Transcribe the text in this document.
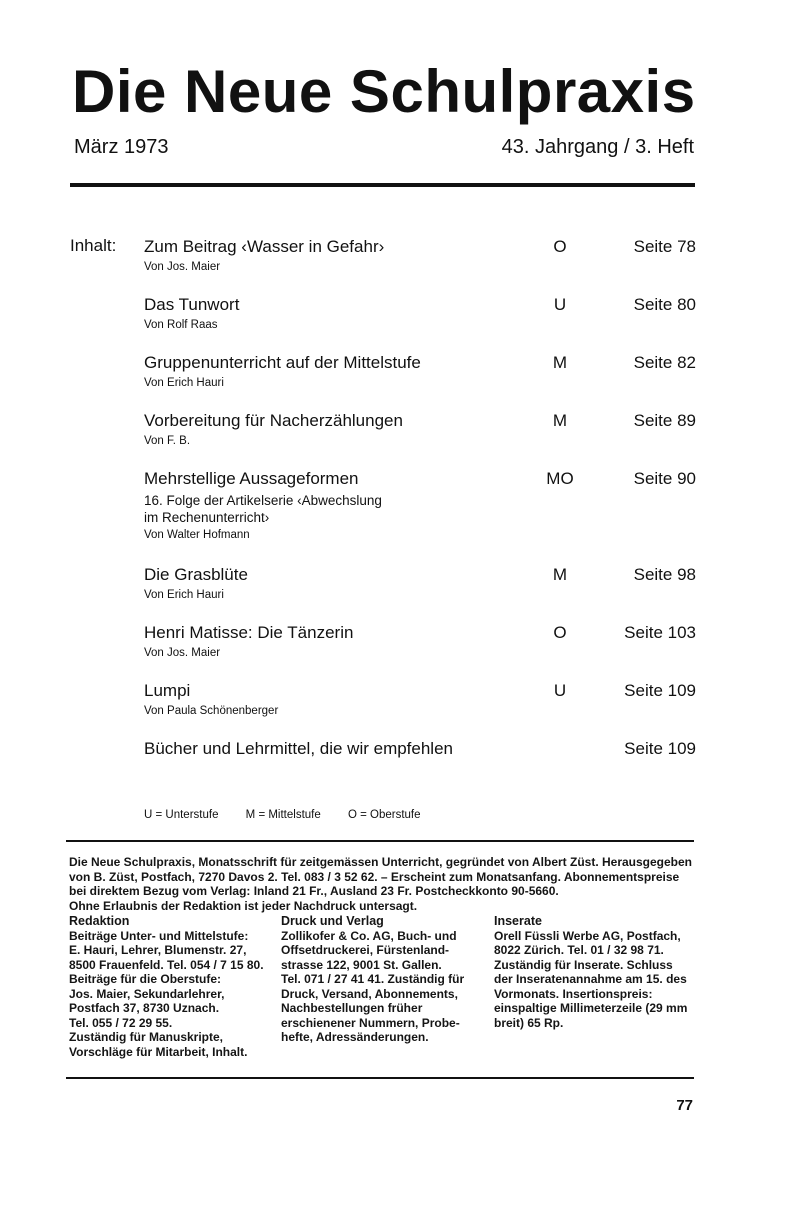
Die Neue Schulpraxis
März 1973	43. Jahrgang / 3. Heft
Inhalt: Zum Beitrag ‹Wasser in Gefahr›
Von Jos. Maier
O	Seite 78
Das Tunwort
Von Rolf Raas
U	Seite 80
Gruppenunterricht auf der Mittelstufe
Von Erich Hauri
M	Seite 82
Vorbereitung für Nacherzählungen
Von F. B.
M	Seite 89
Mehrstellige Aussageformen
16. Folge der Artikelserie ‹Abwechslung
im Rechenunterricht›
Von Walter Hofmann
MO	Seite 90
Die Grasblüte
Von Erich Hauri
M	Seite 98
Henri Matisse: Die Tänzerin
Von Jos. Maier
O	Seite 103
Lumpi
Von Paula Schönenberger
U	Seite 109
Bücher und Lehrmittel, die wir empfehlen	Seite 109
U = Unterstufe M = Mittelstufe O = Oberstufe
Die Neue Schulpraxis, Monatsschrift für zeitgemässen Unterricht, gegründet von Albert Züst. Herausgegeben
von B. Züst, Postfach, 7270 Davos 2. Tel. 083 / 3 52 62. – Erscheint zum Monatsanfang. Abonnementspreise
bei direktem Bezug vom Verlag: Inland 21 Fr., Ausland 23 Fr. Postcheckkonto 90-5660.
Ohne Erlaubnis der Redaktion ist jeder Nachdruck untersagt.
Redaktion
Beiträge Unter- und Mittelstufe:
E. Hauri, Lehrer, Blumenstr. 27,
8500 Frauenfeld. Tel. 054 / 7 15 80.
Beiträge für die Oberstufe:
Jos. Maier, Sekundarlehrer,
Postfach 37, 8730 Uznach.
Tel. 055 / 72 29 55.
Zuständig für Manuskripte,
Vorschläge für Mitarbeit, Inhalt.
Druck und Verlag
Zollikofer & Co. AG, Buch- und
Offsetdruckerei, Fürstenland-
strasse 122, 9001 St. Gallen.
Tel. 071 / 27 41 41. Zuständig für
Druck, Versand, Abonnements,
Nachbestellungen früher
erschienener Nummern, Probe-
hefte, Adressänderungen.
Inserate
Orell Füssli Werbe AG, Postfach,
8022 Zürich. Tel. 01 / 32 98 71.
Zuständig für Inserate. Schluss
der Inseratenannahme am 15. des
Vormonats. Insertionspreis:
einspaltige Millimeterzeile (29 mm
breit) 65 Rp.
77
